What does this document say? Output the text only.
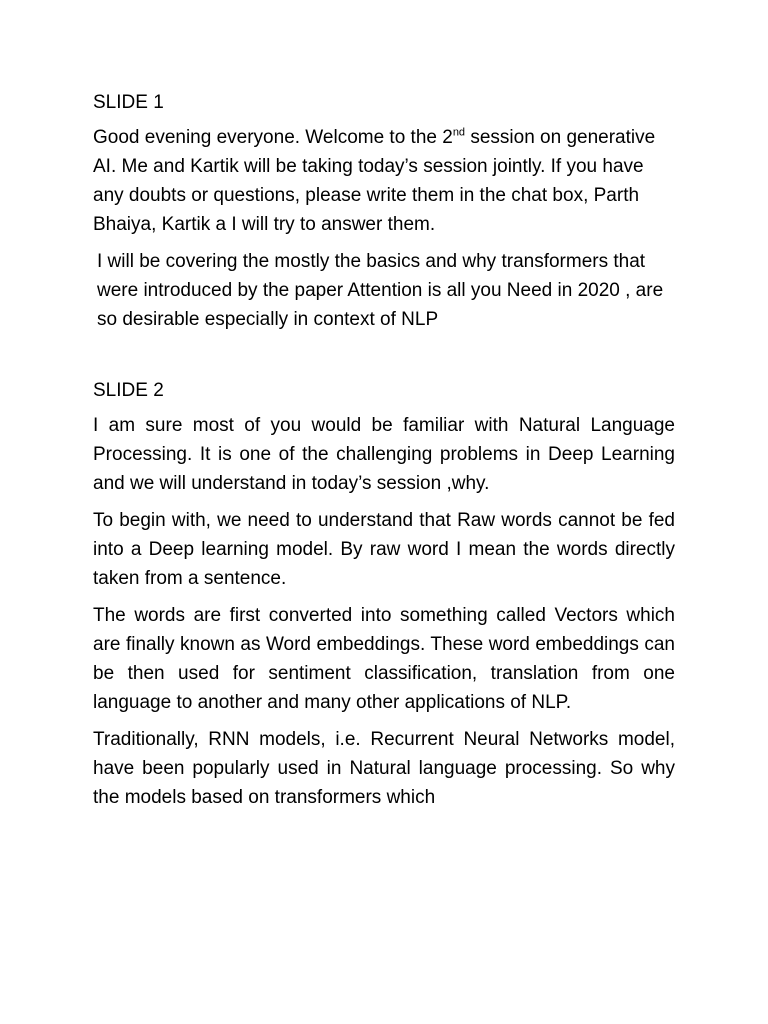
SLIDE 1

Good evening everyone. Welcome to the 2nd session on generative AI. Me and Kartik will be taking today’s session jointly. If you have any doubts or questions, please write them in the chat box, Parth Bhaiya, Kartik a I will try to answer them.

I will be covering the mostly the basics and why transformers that were introduced by the paper Attention is all you Need in 2020 , are so desirable especially in context of NLP

SLIDE 2

I am sure most of you would be familiar with Natural Language Processing. It is one of the challenging problems in Deep Learning and we will understand in today’s session ,why.

To begin with, we need to understand that Raw words cannot be fed into a Deep learning model. By raw word I mean the words directly taken from a sentence.

The words are first converted into something called Vectors which are finally known as Word embeddings. These word embeddings can be then used for sentiment classification, translation from one language to another and many other applications of NLP.

Traditionally, RNN models, i.e. Recurrent Neural Networks model, have been popularly used in Natural language processing. So why the models based on transformers which
